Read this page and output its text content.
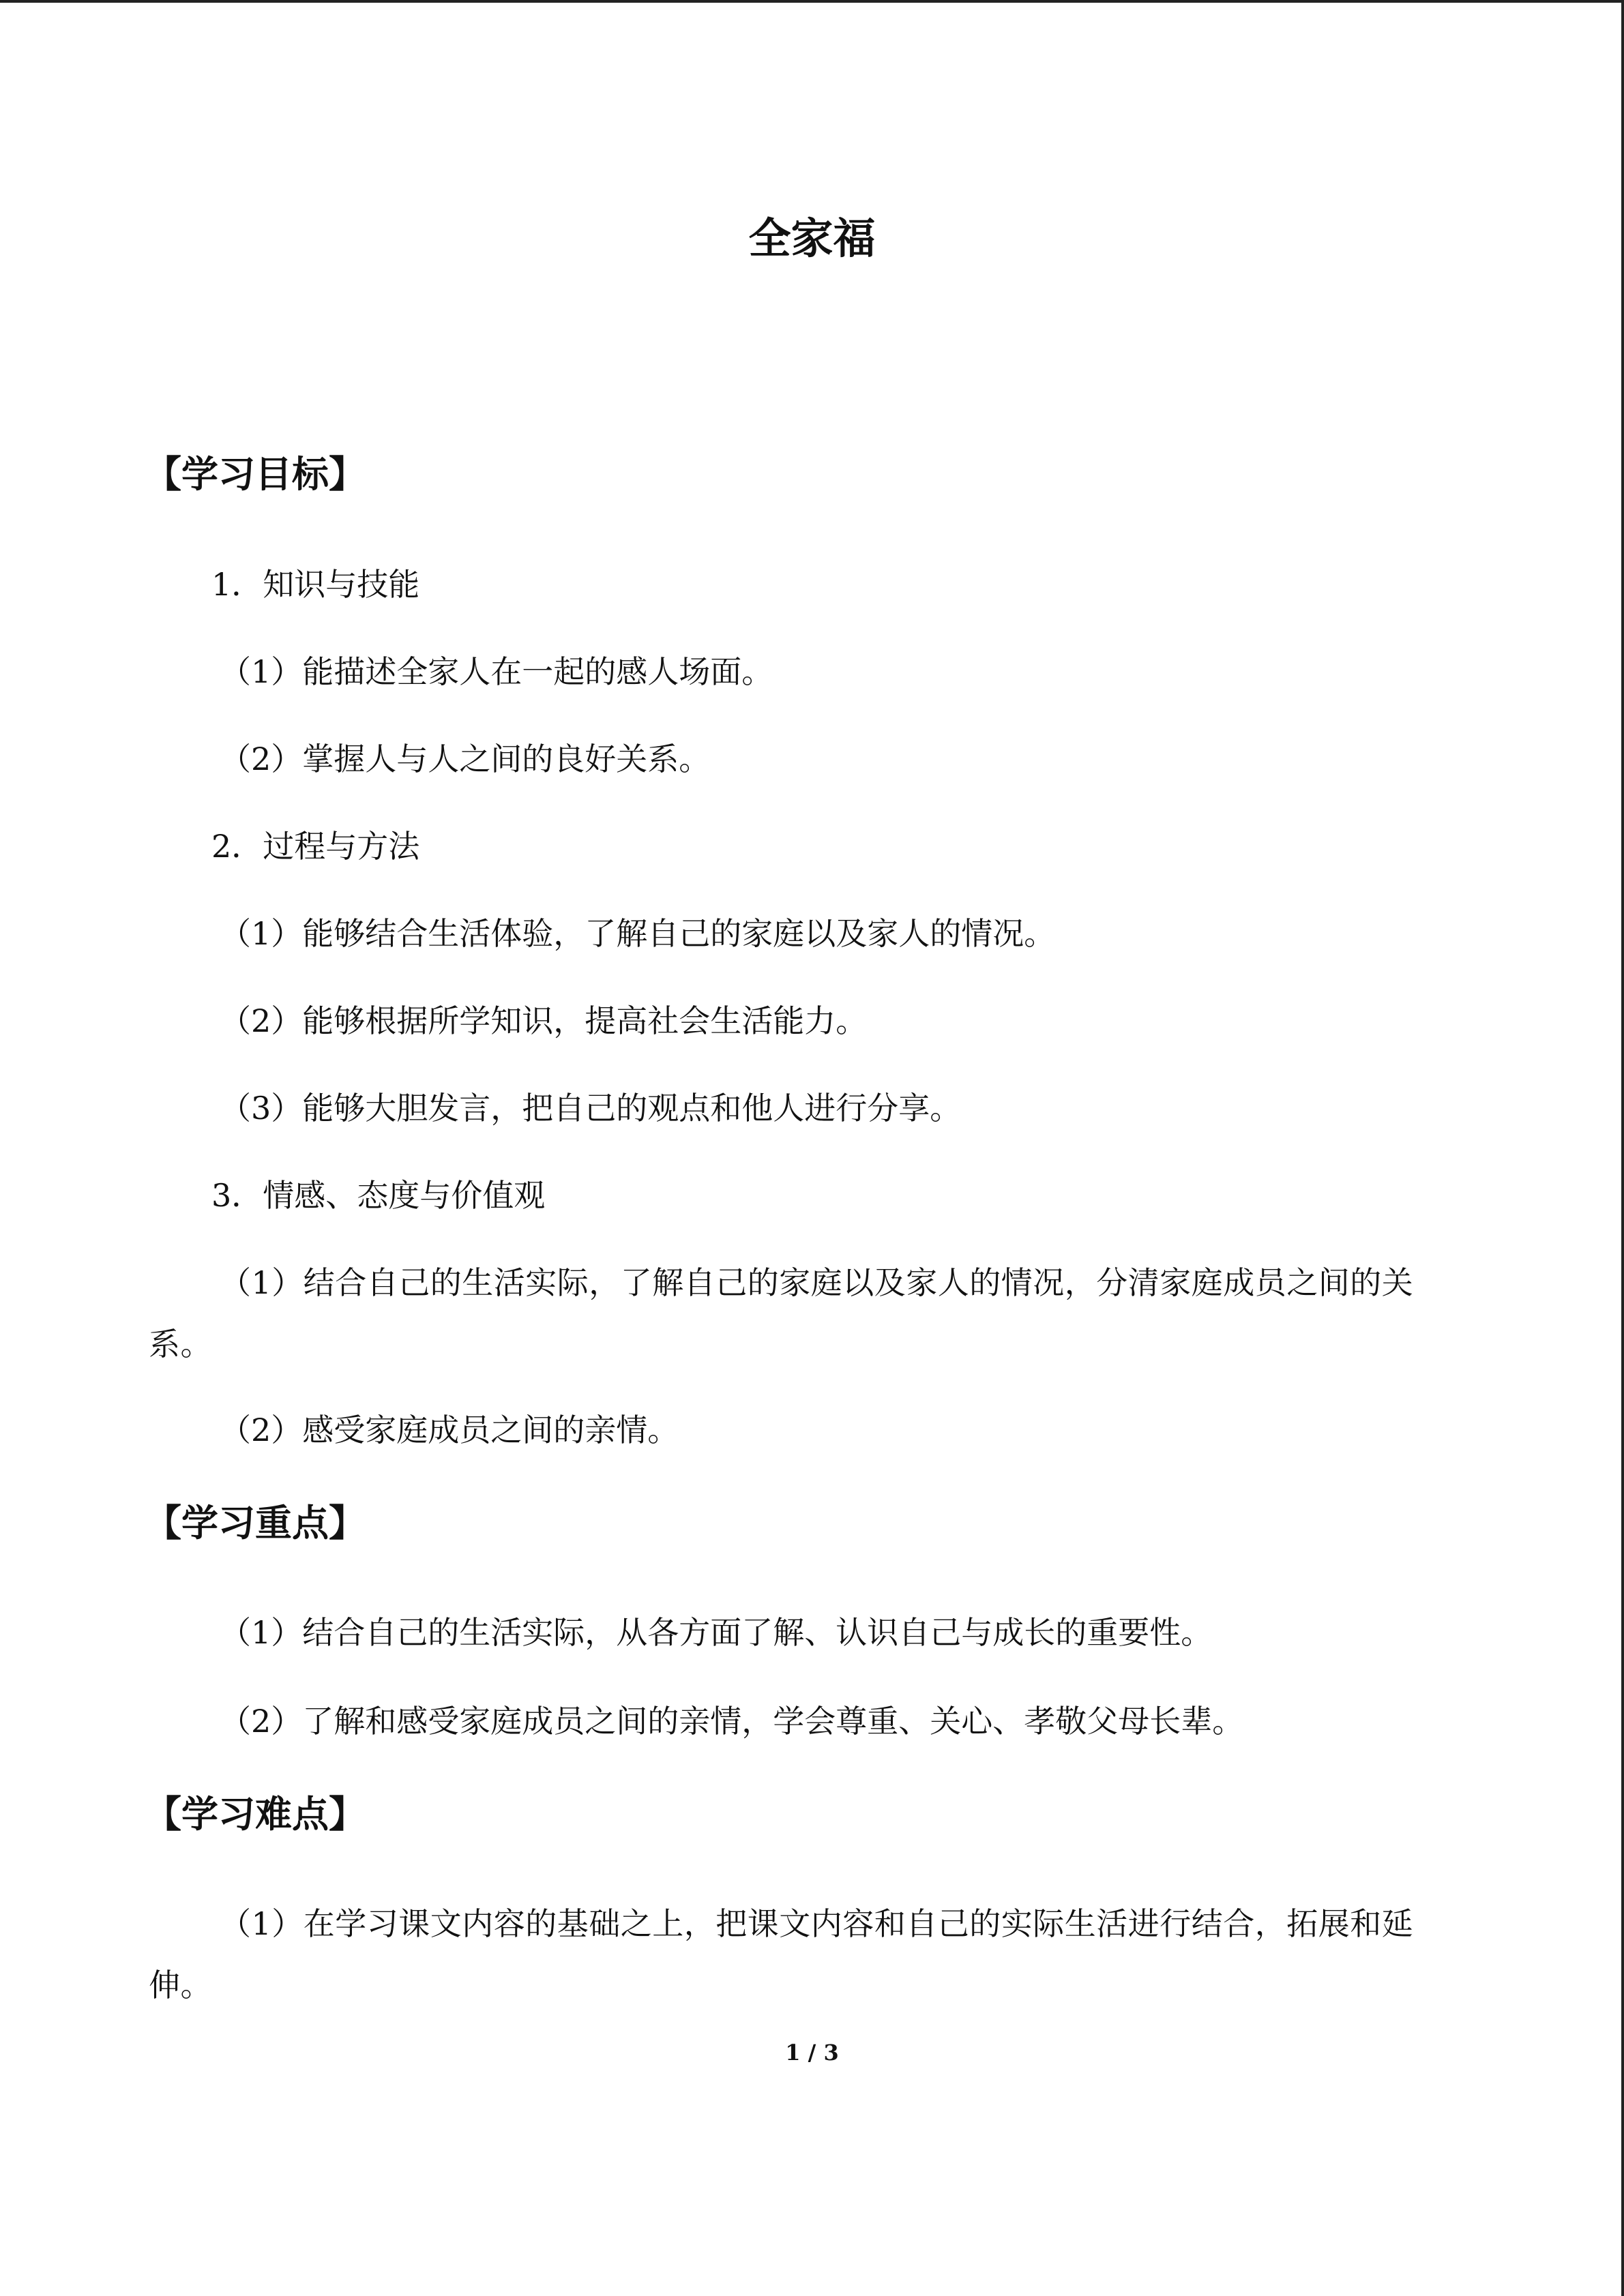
全家福
【学习目标】
1．知识与技能
（1）能描述全家人在一起的感人场面。
（2）掌握人与人之间的良好关系。
2．过程与方法
（1）能够结合生活体验，了解自己的家庭以及家人的情况。
（2）能够根据所学知识，提高社会生活能力。
（3）能够大胆发言，把自己的观点和他人进行分享。
3．情感、态度与价值观
（1）结合自己的生活实际，了解自己的家庭以及家人的情况，分清家庭成员之间的关系。
（2）感受家庭成员之间的亲情。
【学习重点】
（1）结合自己的生活实际，从各方面了解、认识自己与成长的重要性。
（2）了解和感受家庭成员之间的亲情，学会尊重、关心、孝敬父母长辈。
【学习难点】
（1）在学习课文内容的基础之上，把课文内容和自己的实际生活进行结合，拓展和延伸。
1 / 3
